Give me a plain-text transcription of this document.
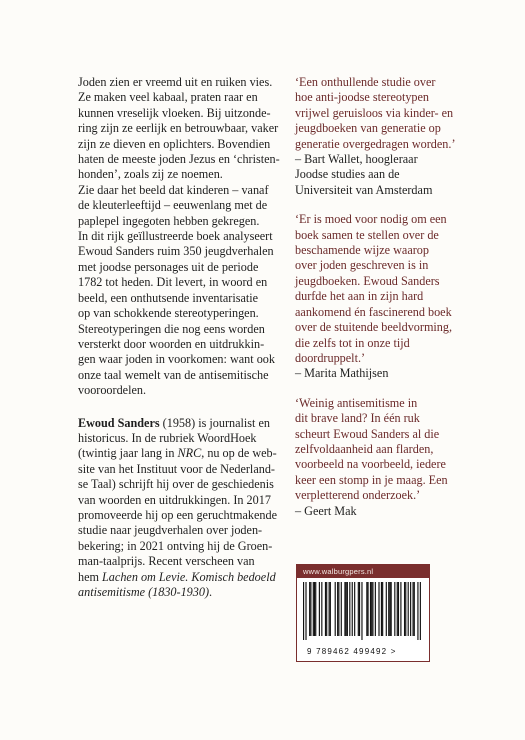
Joden zien er vreemd uit en ruiken vies.
Ze maken veel kabaal, praten raar en
kunnen vreselijk vloeken. Bij uitzonde-
ring zijn ze eerlijk en betrouwbaar, vaker
zijn ze dieven en oplichters. Bovendien
haten de meeste joden Jezus en ‘christen-
honden’, zoals zij ze noemen.
Zie daar het beeld dat kinderen – vanaf
de kleuterleeftijd – eeuwenlang met de
paplepel ingegoten hebben gekregen.
In dit rijk geïllustreerde boek analyseert
Ewoud Sanders ruim 350 jeugdverhalen
met joodse personages uit de periode
1782 tot heden. Dit levert, in woord en
beeld, een onthutsende inventarisatie
op van schokkende stereotyperingen.
Stereotyperingen die nog eens worden
versterkt door woorden en uitdrukkin-
gen waar joden in voorkomen: want ook
onze taal wemelt van de antisemitische
vooroordelen.
Ewoud Sanders (1958) is journalist en
historicus. In de rubriek WoordHoek
(twintig jaar lang in NRC, nu op de web-
site van het Instituut voor de Nederland-
se Taal) schrijft hij over de geschiedenis
van woorden en uitdrukkingen. In 2017
promoveerde hij op een geruchtmakende
studie naar jeugdverhalen over joden-
bekering; in 2021 ontving hij de Groen-
man-taalprijs. Recent verscheen van
hem Lachen om Levie. Komisch bedoeld
antisemitisme (1830-1930).
‘Een onthullende studie over
hoe anti-joodse stereotypen
vrijwel geruisloos via kinder- en
jeugdboeken van generatie op
generatie overgedragen worden.’
– Bart Wallet, hoogleraar
Joodse studies aan de
Universiteit van Amsterdam
‘Er is moed voor nodig om een
boek samen te stellen over de
beschamende wijze waarop
over joden geschreven is in
jeugdboeken. Ewoud Sanders
durfde het aan in zijn hard
aankomend én fascinerend boek
over de stuitende beeldvorming,
die zelfs tot in onze tijd
doordruppelt.’
– Marita Mathijsen
‘Weinig antisemitisme in
dit brave land? In één ruk
scheurt Ewoud Sanders al die
zelfvoldaanheid aan flarden,
voorbeeld na voorbeeld, iedere
keer een stomp in je maag. Een
verpletterend onderzoek.’
– Geert Mak
www.walburgpers.nl
9 789462 499492 >
